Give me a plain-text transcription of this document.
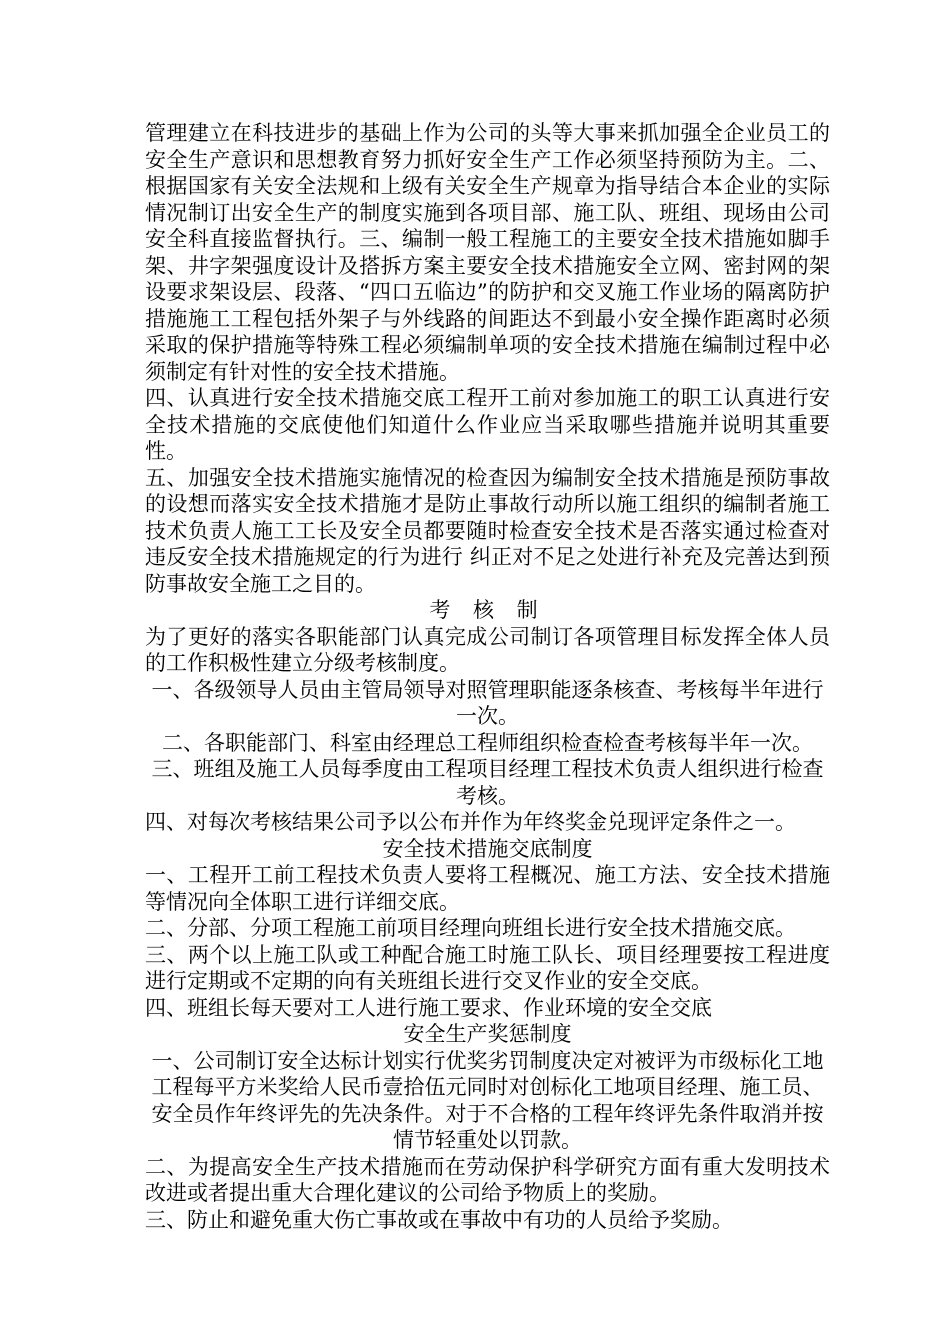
管理建立在科技进步的基础上作为公司的头等大事来抓加强全企业员工的安全生产意识和思想教育努力抓好安全生产工作必须坚持预防为主。二、根据国家有关安全法规和上级有关安全生产规章为指导结合本企业的实际情况制订出安全生产的制度实施到各项目部、施工队、班组、现场由公司安全科直接监督执行。三、编制一般工程施工的主要安全技术措施如脚手架、井字架强度设计及搭拆方案主要安全技术措施安全立网、密封网的架设要求架设层、段落、“四口五临边”的防护和交叉施工作业场的隔离防护措施施工工程包括外架子与外线路的间距达不到最小安全操作距离时必须采取的保护措施等特殊工程必须编制单项的安全技术措施在编制过程中必须制定有针对性的安全技术措施。

四、认真进行安全技术措施交底工程开工前对参加施工的职工认真进行安全技术措施的交底使他们知道什么作业应当采取哪些措施并说明其重要性。

五、加强安全技术措施实施情况的检查因为编制安全技术措施是预防事故的设想而落实安全技术措施才是防止事故行动所以施工组织的编制者施工技术负责人施工工长及安全员都要随时检查安全技术是否落实通过检查对违反安全技术措施规定的行为进行 纠正对不足之处进行补充及完善达到预防事故安全施工之目的。

考 核 制

为了更好的落实各职能部门认真完成公司制订各项管理目标发挥全体人员的工作积极性建立分级考核制度。

一、各级领导人员由主管局领导对照管理职能逐条核查、考核每半年进行一次。

二、各职能部门、科室由经理总工程师组织检查检查考核每半年一次。

三、班组及施工人员每季度由工程项目经理工程技术负责人组织进行检查考核。

四、对每次考核结果公司予以公布并作为年终奖金兑现评定条件之一。

安全技术措施交底制度

一、工程开工前工程技术负责人要将工程概况、施工方法、安全技术措施等情况向全体职工进行详细交底。

二、分部、分项工程施工前项目经理向班组长进行安全技术措施交底。

三、两个以上施工队或工种配合施工时施工队长、项目经理要按工程进度进行定期或不定期的向有关班组长进行交叉作业的安全交底。

四、班组长每天要对工人进行施工要求、作业环境的安全交底

安全生产奖惩制度

一、公司制订安全达标计划实行优奖劣罚制度决定对被评为市级标化工地工程每平方米奖给人民币壹拾伍元同时对创标化工地项目经理、施工员、安全员作年终评先的先决条件。对于不合格的工程年终评先条件取消并按情节轻重处以罚款。

二、为提高安全生产技术措施而在劳动保护科学研究方面有重大发明技术改进或者提出重大合理化建议的公司给予物质上的奖励。

三、防止和避免重大伤亡事故或在事故中有功的人员给予奖励。
